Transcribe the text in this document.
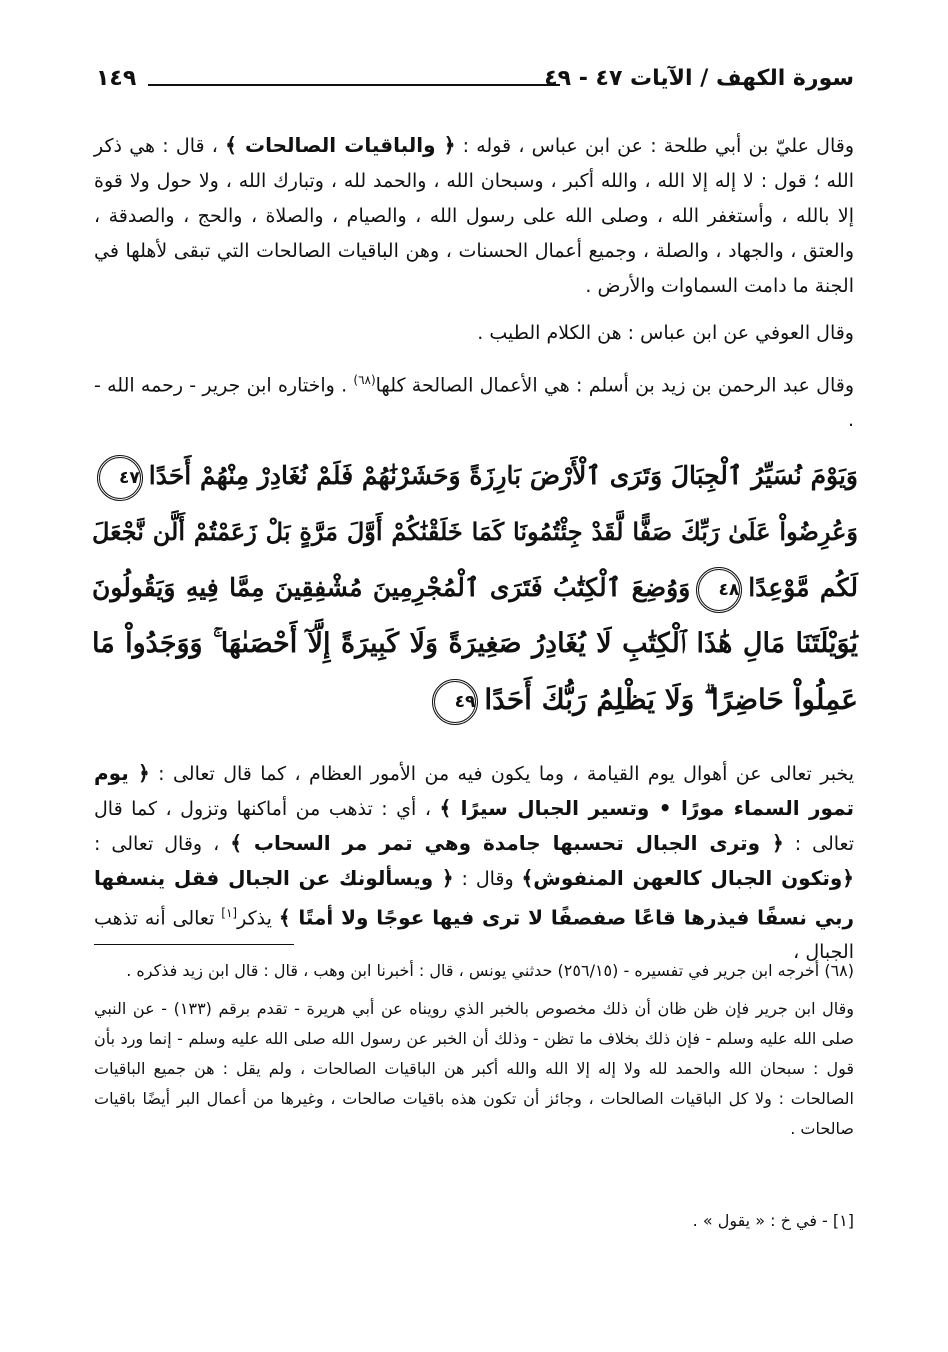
سورة الكهف / الآيات ٤٧ - ٤٩
١٤٩

وقال عليّ بن أبي طلحة : عن ابن عباس ، قوله : ﴿ والباقيات الصالحات ﴾ ، قال : هي ذكر الله ؛ قول : لا إله إلا الله ، والله أكبر ، وسبحان الله ، والحمد لله ، وتبارك الله ، ولا حول ولا قوة إلا بالله ، وأستغفر الله ، وصلى الله على رسول الله ، والصيام ، والصلاة ، والحج ، والصدقة ، والعتق ، والجهاد ، والصلة ، وجميع أعمال الحسنات ، وهن الباقيات الصالحات التي تبقى لأهلها في الجنة ما دامت السماوات والأرض .

وقال العوفي عن ابن عباس : هن الكلام الطيب .

وقال عبد الرحمن بن زيد بن أسلم : هي الأعمال الصالحة كلها$^{(٦٨)}$ . واختاره ابن جرير - رحمه الله - .

وَيَوْمَ نُسَيِّرُ ٱلْجِبَالَ وَتَرَى ٱلْأَرْضَ بَارِزَةً وَحَشَرْنَٰهُمْ فَلَمْ نُغَادِرْ مِنْهُمْ أَحَدًا٤٧
وَعُرِضُواْ عَلَىٰ رَبِّكَ صَفًّا لَّقَدْ جِئْتُمُونَا كَمَا خَلَقْنَٰكُمْ أَوَّلَ مَرَّةٍ بَلْ زَعَمْتُمْ أَلَّن نَّجْعَلَ
لَكُم مَّوْعِدًا٤٨وَوُضِعَ ٱلْكِتَٰبُ فَتَرَى ٱلْمُجْرِمِينَ مُشْفِقِينَ مِمَّا فِيهِ وَيَقُولُونَ
يَٰوَيْلَتَنَا مَالِ هَٰذَا ٱلْكِتَٰبِ لَا يُغَادِرُ صَغِيرَةً وَلَا كَبِيرَةً إِلَّآ أَحْصَىٰهَا ۚ وَوَجَدُواْ مَا
عَمِلُواْ حَاضِرًا ۗ وَلَا يَظْلِمُ رَبُّكَ أَحَدًا٤٩

يخبر تعالى عن أهوال يوم القيامة ، وما يكون فيه من الأمور العظام ، كما قال تعالى : ﴿ يوم تمور السماء مورًا • وتسير الجبال سيرًا ﴾ ، أي : تذهب من أماكنها وتزول ، كما قال تعالى : ﴿ وترى الجبال تحسبها جامدة وهي تمر مر السحاب ﴾ ، وقال تعالى : ﴿وتكون الجبال كالعهن المنفوش﴾ وقال : ﴿ ويسألونك عن الجبال فقل ينسفها ربي نسفًا فيذرها قاعًا صفصفًا لا ترى فيها عوجًا ولا أمتًا ﴾ يذكر[١] تعالى أنه تذهب الجبال ،

(٦٨) أخرجه ابن جرير في تفسيره - (٢٥٦/١٥) حدثني يونس ، قال : أخبرنا ابن وهب ، قال : قال ابن زيد فذكره .

وقال ابن جرير فإن ظن ظان أن ذلك مخصوص بالخبر الذي رويناه عن أبي هريرة - تقدم برقم (١٣٣) - عن النبي صلى الله عليه وسلم - فإن ذلك بخلاف ما تظن - وذلك أن الخبر عن رسول الله صلى الله عليه وسلم - إنما ورد بأن قول : سبحان الله والحمد لله ولا إله إلا الله والله أكبر هن الباقيات الصالحات ، ولم يقل : هن جميع الباقيات الصالحات : ولا كل الباقيات الصالحات ، وجائز أن تكون هذه باقيات صالحات ، وغيرها من أعمال البر أيضًا باقيات صالحات .

[١] - في خ : « يقول » .
